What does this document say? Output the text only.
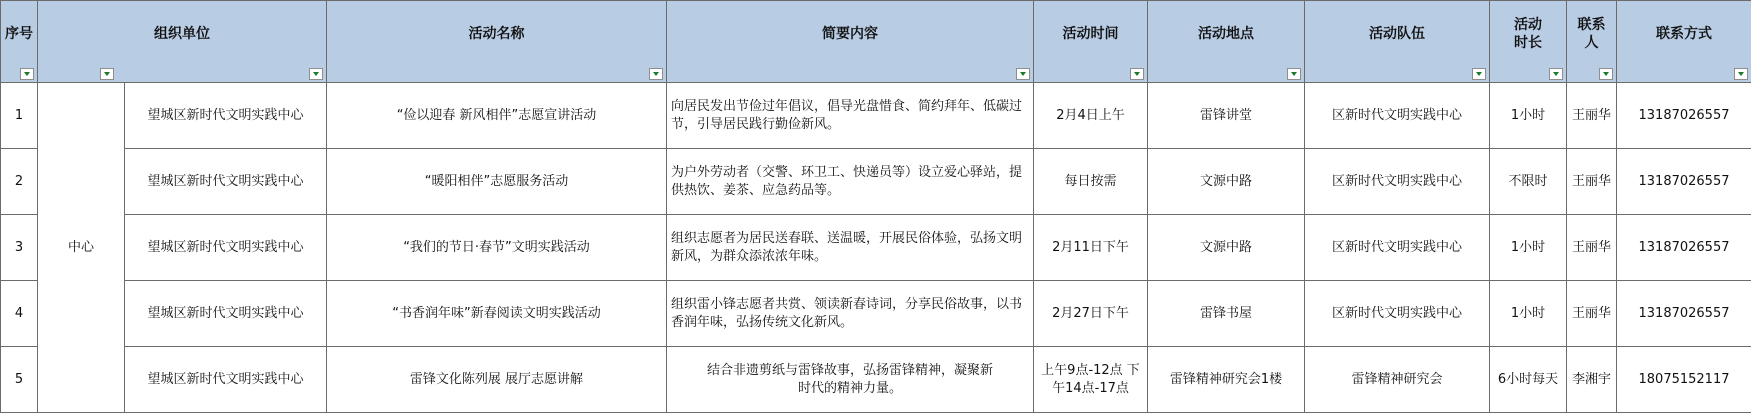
序号	组织单位		活动名称	简要内容	活动时间	活动地点	活动队伍	活动时长	联系人	联系方式

1	中心	望城区新时代文明实践中心	“俭以迎春 新风相伴”志愿宣讲活动	向居民发出节俭过年倡议，倡导光盘惜食、简约拜年、低碳过节，引导居民践行勤俭新风。	2月4日上午	雷锋讲堂	区新时代文明实践中心	1小时	王丽华	13187026557
2		望城区新时代文明实践中心	“暖阳相伴”志愿服务活动	为户外劳动者（交警、环卫工、快递员等）设立爱心驿站，提供热饮、姜茶、应急药品等。	每日按需	文源中路	区新时代文明实践中心	不限时	王丽华	13187026557
3		望城区新时代文明实践中心	“我们的节日·春节”文明实践活动	组织志愿者为居民送春联、送温暖，开展民俗体验，弘扬文明新风，为群众添浓浓年味。	2月11日下午	文源中路	区新时代文明实践中心	1小时	王丽华	13187026557
4		望城区新时代文明实践中心	“书香润年味”新春阅读文明实践活动	组织雷小锋志愿者共赏、领读新春诗词，分享民俗故事，以书香润年味，弘扬传统文化新风。	2月27日下午	雷锋书屋	区新时代文明实践中心	1小时	王丽华	13187026557
5		望城区新时代文明实践中心	雷锋文化陈列展 展厅志愿讲解	结合非遗剪纸与雷锋故事，弘扬雷锋精神，凝聚新时代的精神力量。	上午9点-12点 下午14点-17点	雷锋精神研究会1楼	雷锋精神研究会	6小时每天	李湘宇	18075152117
